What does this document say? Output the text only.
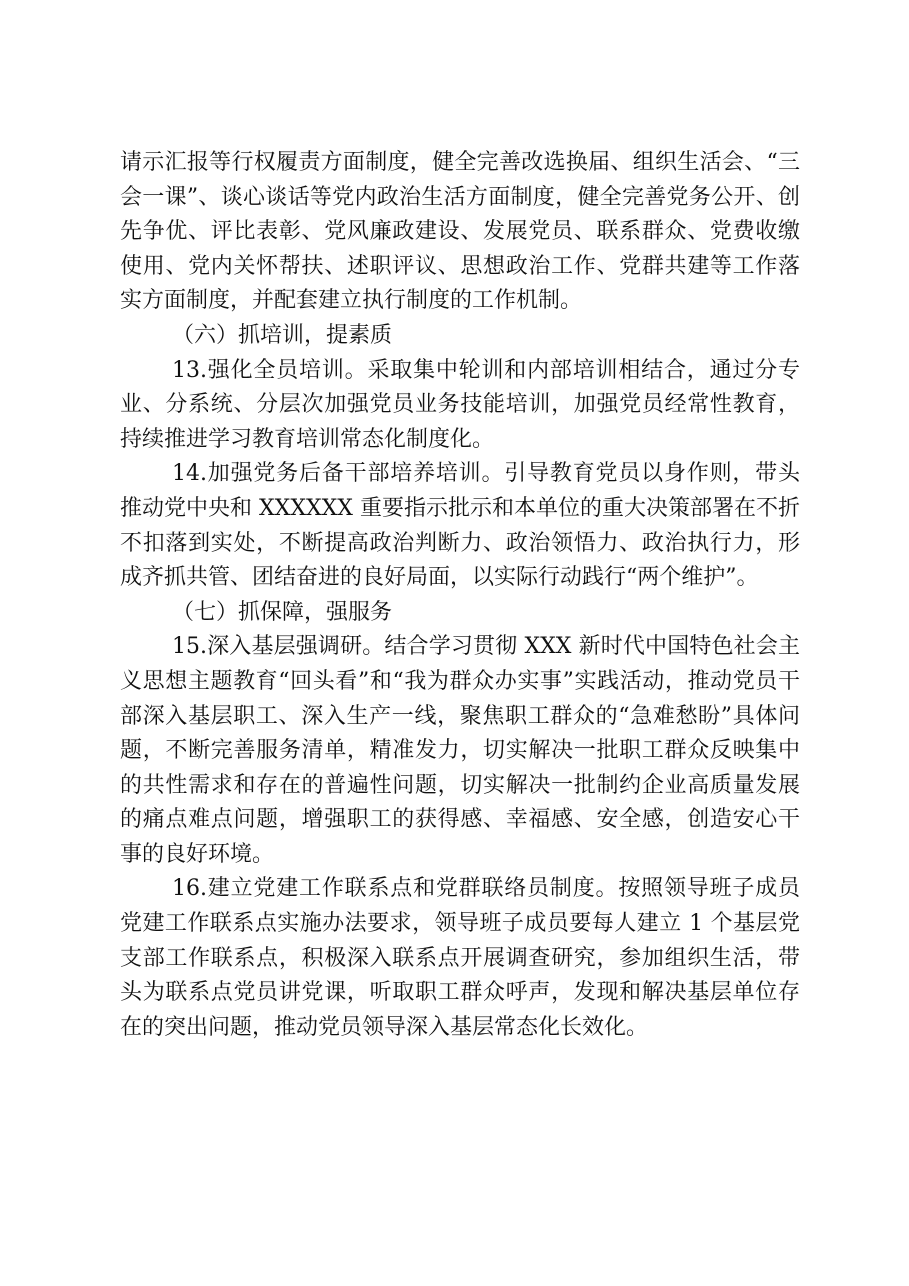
请示汇报等行权履责方面制度，健全完善改选换届、组织生活会、“三会一课”、谈心谈话等党内政治生活方面制度，健全完善党务公开、创先争优、评比表彰、党风廉政建设、发展党员、联系群众、党费收缴使用、党内关怀帮扶、述职评议、思想政治工作、党群共建等工作落实方面制度，并配套建立执行制度的工作机制。

（六）抓培训，提素质

13.强化全员培训。采取集中轮训和内部培训相结合，通过分专业、分系统、分层次加强党员业务技能培训，加强党员经常性教育，持续推进学习教育培训常态化制度化。

14.加强党务后备干部培养培训。引导教育党员以身作则，带头推动党中央和 XXXXXX 重要指示批示和本单位的重大决策部署在不折不扣落到实处，不断提高政治判断力、政治领悟力、政治执行力，形成齐抓共管、团结奋进的良好局面，以实际行动践行“两个维护”。

（七）抓保障，强服务

15.深入基层强调研。结合学习贯彻 XXX 新时代中国特色社会主义思想主题教育“回头看”和“我为群众办实事”实践活动，推动党员干部深入基层职工、深入生产一线，聚焦职工群众的“急难愁盼”具体问题，不断完善服务清单，精准发力，切实解决一批职工群众反映集中的共性需求和存在的普遍性问题，切实解决一批制约企业高质量发展的痛点难点问题，增强职工的获得感、幸福感、安全感，创造安心干事的良好环境。

16.建立党建工作联系点和党群联络员制度。按照领导班子成员党建工作联系点实施办法要求，领导班子成员要每人建立 1 个基层党支部工作联系点，积极深入联系点开展调查研究，参加组织生活，带头为联系点党员讲党课，听取职工群众呼声，发现和解决基层单位存在的突出问题，推动党员领导深入基层常态化长效化。
